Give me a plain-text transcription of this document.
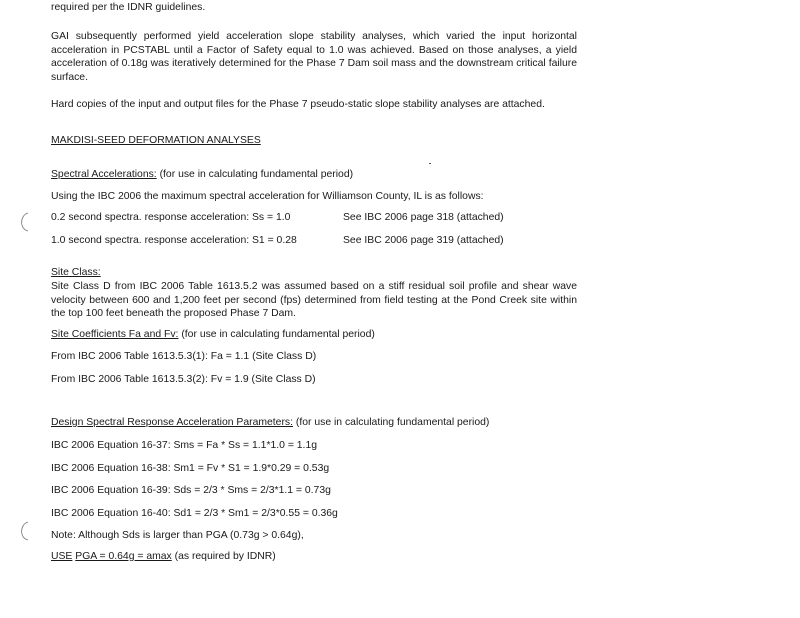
required per the IDNR guidelines.
GAI subsequently performed yield acceleration slope stability analyses, which varied the input horizontal acceleration in PCSTABL until a Factor of Safety equal to 1.0 was achieved. Based on those analyses, a yield acceleration of 0.18g was iteratively determined for the Phase 7 Dam soil mass and the downstream critical failure surface.
Hard copies of the input and output files for the Phase 7 pseudo-static slope stability analyses are attached.
MAKDISI-SEED DEFORMATION ANALYSES
Spectral Accelerations: (for use in calculating fundamental period)
Using the IBC 2006 the maximum spectral acceleration for Williamson County, IL is as follows:
0.2 second spectra. response acceleration: Ss = 1.0	See IBC 2006 page 318 (attached)
1.0 second spectra. response acceleration: S1 = 0.28	See IBC 2006 page 319 (attached)
Site Class:
Site Class D from IBC 2006 Table 1613.5.2 was assumed based on a stiff residual soil profile and shear wave velocity between 600 and 1,200 feet per second (fps) determined from field testing at the Pond Creek site within the top 100 feet beneath the proposed Phase 7 Dam.
Site Coefficients Fa and Fv: (for use in calculating fundamental period)
From IBC 2006 Table 1613.5.3(1): Fa = 1.1 (Site Class D)
From IBC 2006 Table 1613.5.3(2): Fv = 1.9 (Site Class D)
Design Spectral Response Acceleration Parameters: (for use in calculating fundamental period)
IBC 2006 Equation 16-37: Sms = Fa * Ss = 1.1*1.0 = 1.1g
IBC 2006 Equation 16-38: Sm1 = Fv * S1 = 1.9*0.29 = 0.53g
IBC 2006 Equation 16-39: Sds = 2/3 * Sms = 2/3*1.1 = 0.73g
IBC 2006 Equation 16-40: Sd1 = 2/3 * Sm1 = 2/3*0.55 = 0.36g
Note: Although Sds is larger than PGA (0.73g > 0.64g),
USE PGA = 0.64g = amax (as required by IDNR)
